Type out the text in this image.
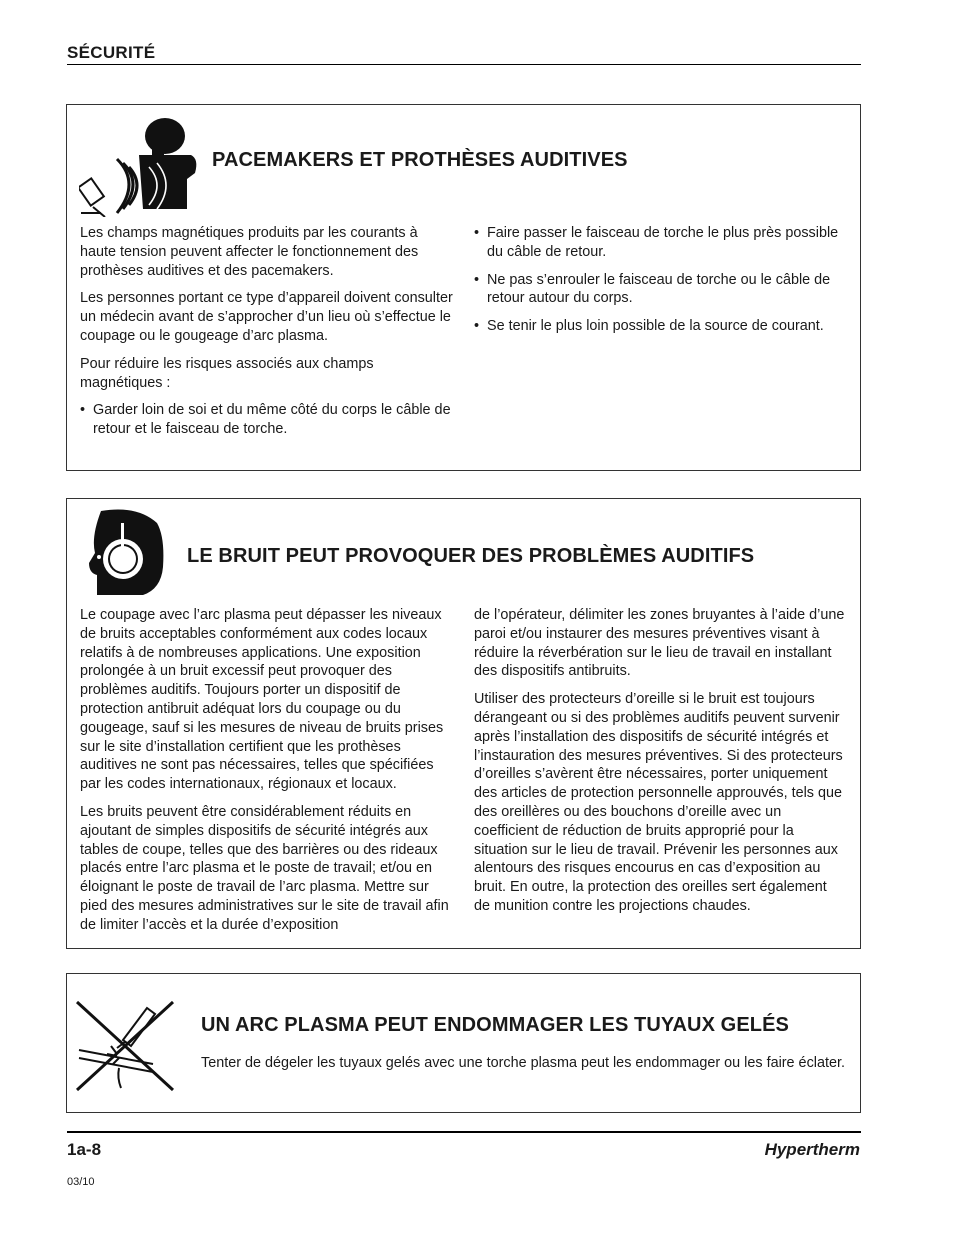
SÉCURITÉ
PACEMAKERS ET PROTHÈSES AUDITIVES

Les champs magnétiques produits par les courants à haute tension peuvent affecter le fonctionnement des prothèses auditives et des pacemakers.

Les personnes portant ce type d’appareil doivent consulter un médecin avant de s’approcher d’un lieu où s’effectue le coupage ou le gougeage d’arc plasma.

Pour réduire les risques associés aux champs magnétiques :

• Garder loin de soi et du même côté du corps le câble de retour et le faisceau de torche.
• Faire passer le faisceau de torche le plus près possible du câble de retour.
• Ne pas s’enrouler le faisceau de torche ou le câble de retour autour du corps.
• Se tenir le plus loin possible de la source de courant.
LE BRUIT PEUT PROVOQUER DES PROBLÈMES AUDITIFS

Le coupage avec l’arc plasma peut dépasser les niveaux de bruits acceptables conformément aux codes locaux relatifs à de nombreuses applications. Une exposition prolongée à un bruit excessif peut provoquer des problèmes auditifs. Toujours porter un dispositif de protection antibruit adéquat lors du coupage ou du gougeage, sauf si les mesures de niveau de bruits prises sur le site d’installation certifient que les prothèses auditives ne sont pas nécessaires, telles que spécifiées par les codes internationaux, régionaux et locaux.

Les bruits peuvent être considérablement réduits en ajoutant de simples dispositifs de sécurité intégrés aux tables de coupe, telles que des barrières ou des rideaux placés entre l’arc plasma et le poste de travail; et/ou en éloignant le poste de travail de l’arc plasma. Mettre sur pied des mesures administratives sur le site de travail afin de limiter l’accès et la durée d’exposition

de l’opérateur, délimiter les zones bruyantes à l’aide d’une paroi et/ou instaurer des mesures préventives visant à réduire la réverbération sur le lieu de travail en installant des dispositifs antibruits.

Utiliser des protecteurs d’oreille si le bruit est toujours dérangeant ou si des problèmes auditifs peuvent survenir après l’installation des dispositifs de sécurité intégrés et l’instauration des mesures préventives. Si des protecteurs d’oreilles s’avèrent être nécessaires, porter uniquement des articles de protection personnelle approuvés, tels que des oreillères ou des bouchons d’oreille avec un coefficient de réduction de bruits approprié pour la situation sur le lieu de travail. Prévenir les personnes aux alentours des risques encourus en cas d’exposition au bruit. En outre, la protection des oreilles sert également de munition contre les projections chaudes.

UN ARC PLASMA PEUT ENDOMMAGER LES TUYAUX GELÉS
Tenter de dégeler les tuyaux gelés avec une torche plasma peut les endommager ou les faire éclater.
1a-8	Hypertherm
03/10
